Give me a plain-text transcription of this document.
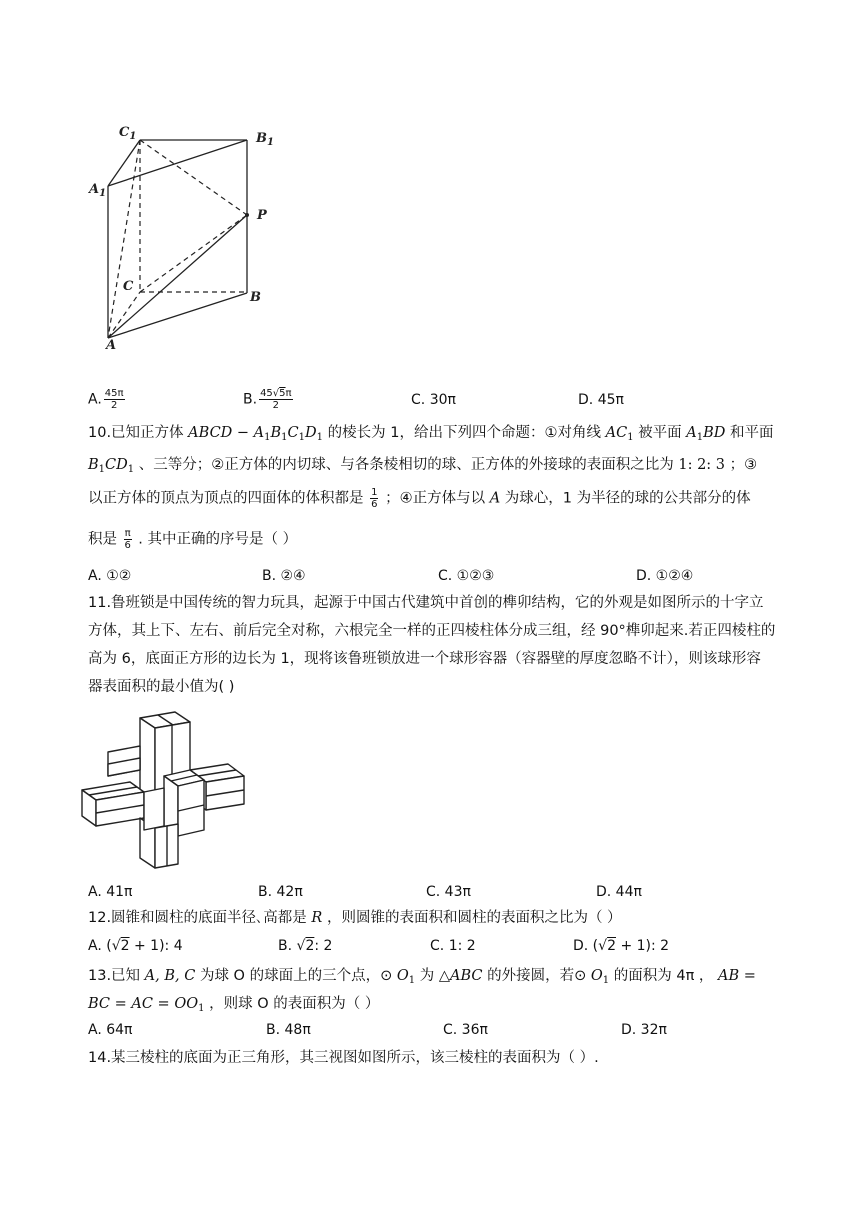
$C_1$	$B_1$
$A_1$
P
C
B
A
A. $\frac{45\pi}{2}$	B. $\frac{45√5\pi}{2}$	C. 30π	D. 45π
10.已知正方体 ABCD − $A_1B_1C_1D_1$ 的棱长为 1，给出下列四个命题：①对角线 $AC_1$ 被平面 $A_1BD$ 和平面
$B_1CD_1$ 、三等分；②正方体的内切球、与各条棱相切的球、正方体的外接球的表面积之比为 1: 2: 3 ；③
以正方体的顶点为顶点的四面体的体积都是 $\frac{1}{6}$ ；④正方体与以 A 为球心，1 为半径的球的公共部分的体
积是 $\frac{\pi}{6}$ . 其中正确的序号是（ ）
A. ①②	B. ②④	C. ①②③	D. ①②④
11.鲁班锁是中国传统的智力玩具，起源于中国古代建筑中首创的榫卯结构，它的外观是如图所示的十字立
方体，其上下、左右、前后完全对称，六根完全一样的正四棱柱体分成三组，经 90°榫卯起来.若正四棱柱的
高为 6，底面正方形的边长为 1，现将该鲁班锁放进一个球形容器（容器壁的厚度忽略不计），则该球形容
器表面积的最小值为( )
A. 41π	B. 42π	C. 43π	D. 44π
12.圆锥和圆柱的底面半径､高都是 R ，则圆锥的表面积和圆柱的表面积之比为（ ）
A. (√2 + 1): 4	B. √2: 2	C. 1: 2	D. (√2 + 1): 2
13.已知 A, B, C 为球 O 的球面上的三个点，⊙ $O_1$ 为 △ABC 的外接圆，若⊙ $O_1$ 的面积为 4π ， AB =
BC = AC = $OO_1$ ，则球 O 的表面积为（ ）
A. 64π	B. 48π	C. 36π	D. 32π
14.某三棱柱的底面为正三角形，其三视图如图所示，该三棱柱的表面积为（ ）.
